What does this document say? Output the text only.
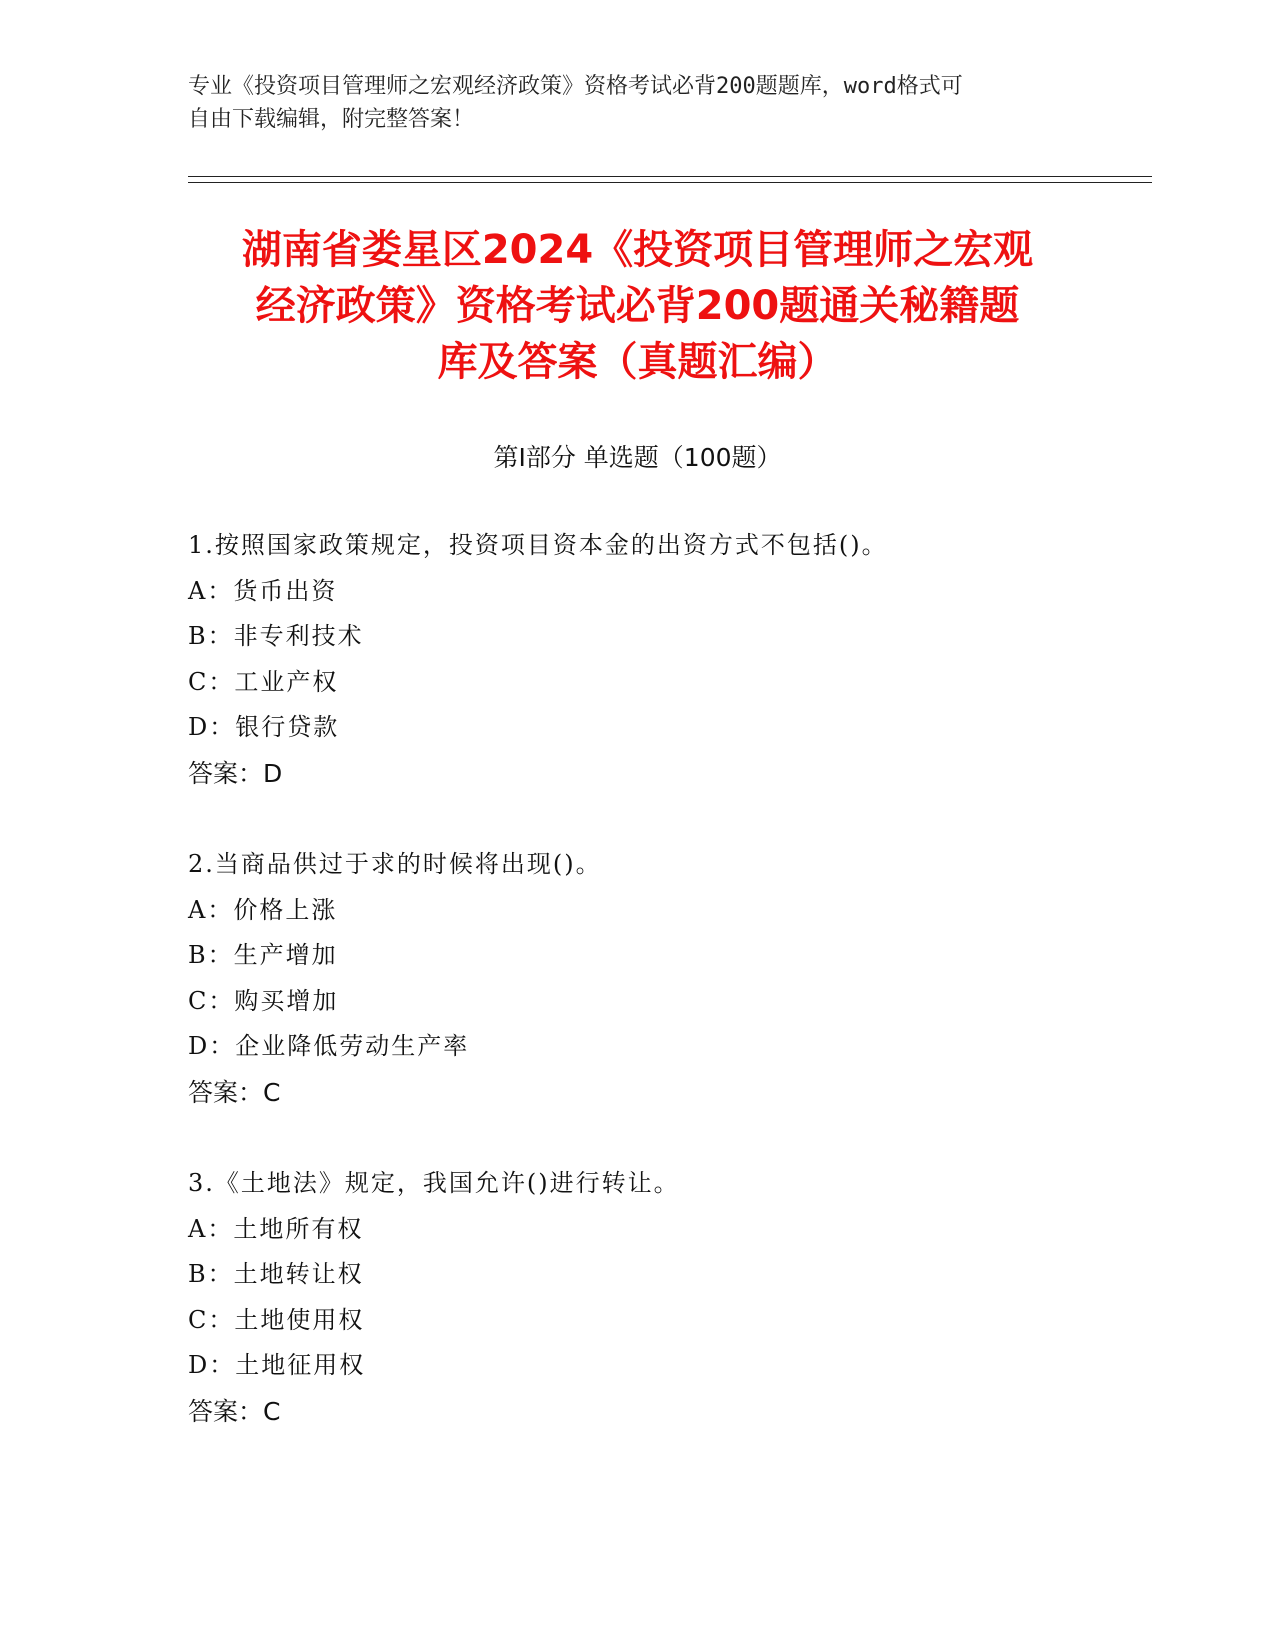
专业《投资项目管理师之宏观经济政策》资格考试必背200题题库，word格式可
自由下载编辑，附完整答案！
湖南省娄星区2024《投资项目管理师之宏观
经济政策》资格考试必背200题通关秘籍题
库及答案（真题汇编）
第Ⅰ部分 单选题（100题）
1.按照国家政策规定，投资项目资本金的出资方式不包括()。
A：货币出资
B：非专利技术
C：工业产权
D：银行贷款
答案：D
2.当商品供过于求的时候将出现()。
A：价格上涨
B：生产增加
C：购买增加
D：企业降低劳动生产率
答案：C
3.《土地法》规定，我国允许()进行转让。
A：土地所有权
B：土地转让权
C：土地使用权
D：土地征用权
答案：C
